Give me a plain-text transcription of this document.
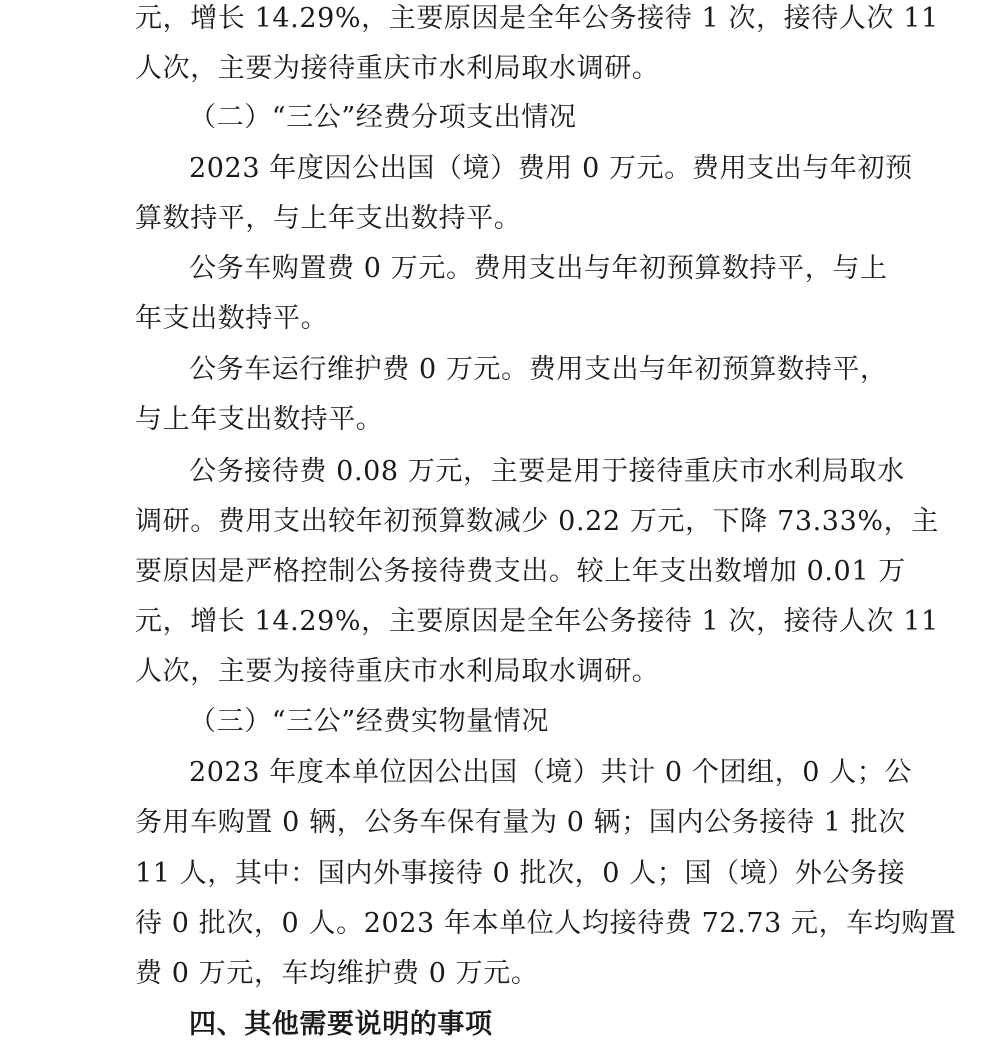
元，增长 14.29%，主要原因是全年公务接待 1 次，接待人次 11
人次，主要为接待重庆市水利局取水调研。
（二）“三公”经费分项支出情况
2023 年度因公出国（境）费用 0 万元。费用支出与年初预
算数持平，与上年支出数持平。
公务车购置费 0 万元。费用支出与年初预算数持平，与上
年支出数持平。
公务车运行维护费 0 万元。费用支出与年初预算数持平，
与上年支出数持平。
公务接待费 0.08 万元，主要是用于接待重庆市水利局取水
调研。费用支出较年初预算数减少 0.22 万元，下降 73.33%，主
要原因是严格控制公务接待费支出。较上年支出数增加 0.01 万
元，增长 14.29%，主要原因是全年公务接待 1 次，接待人次 11
人次，主要为接待重庆市水利局取水调研。
（三）“三公”经费实物量情况
2023 年度本单位因公出国（境）共计 0 个团组，0 人；公
务用车购置 0 辆，公务车保有量为 0 辆；国内公务接待 1 批次
11 人，其中：国内外事接待 0 批次，0 人；国（境）外公务接
待 0 批次，0 人。2023 年本单位人均接待费 72.73 元，车均购置
费 0 万元，车均维护费 0 万元。
四、其他需要说明的事项
